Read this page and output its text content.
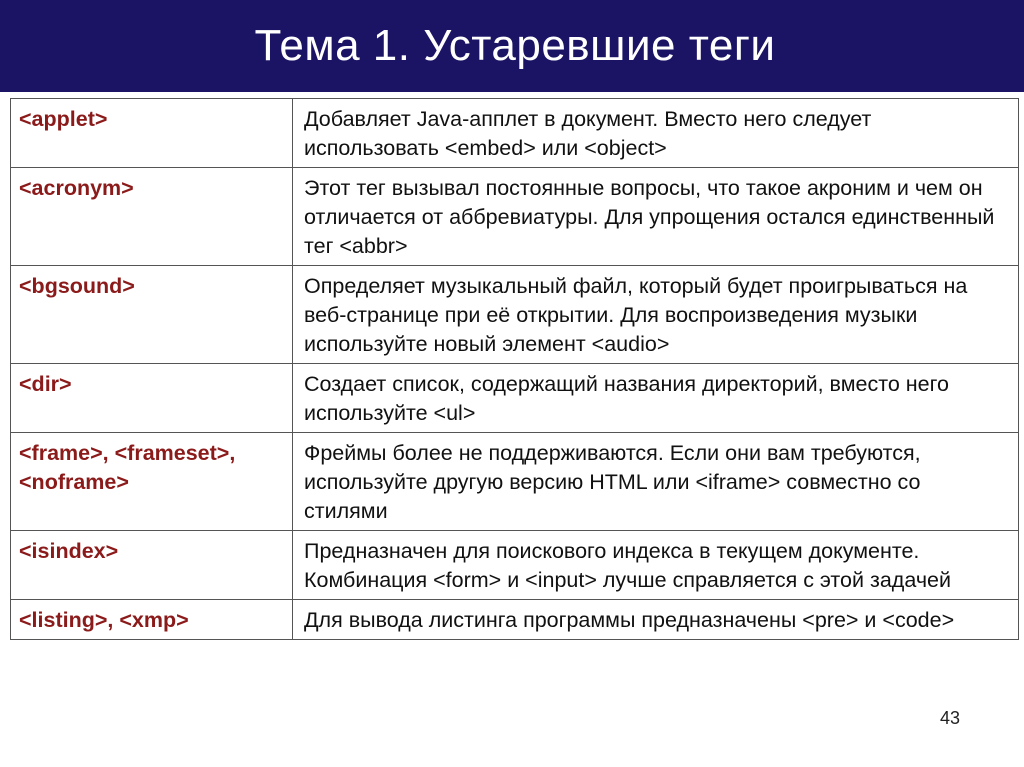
Тема 1. Устаревшие теги
<applet>	Добавляет Java-апплет в документ. Вместо него следует использовать <embed> или <object>
<acronym>	Этот тег вызывал постоянные вопросы, что такое акроним и чем он отличается от аббревиатуры. Для упрощения остался единственный тег <abbr>
<bgsound>	Определяет музыкальный файл, который будет проигрываться на веб-странице при её открытии. Для воспроизведения музыки используйте новый элемент <audio>
<dir>	Создает список, содержащий названия директорий, вместо него используйте <ul>
<frame>, <frameset>, <noframe>	Фреймы более не поддерживаются. Если они вам требуются, используйте другую версию HTML или <iframe> совместно со стилями
<isindex>	Предназначен для поискового индекса в текущем документе. Комбинация <form> и <input> лучше справляется с этой задачей
<listing>, <xmp>	Для вывода листинга программы предназначены <pre> и <code>
43
